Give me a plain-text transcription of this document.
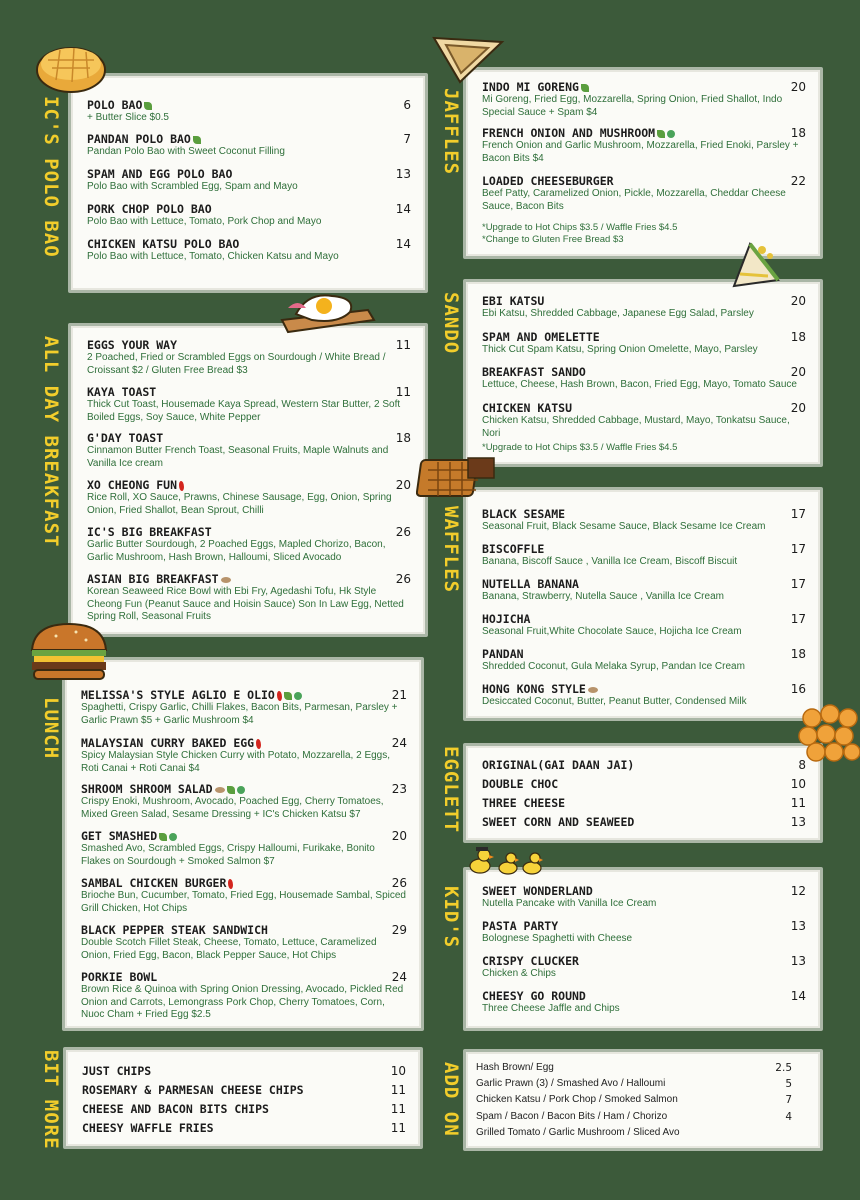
IC'S POLO BAO
ALL DAY BREAKFAST
LUNCH
BIT MORE
JAFFLES
SANDO
WAFFLES
EGGLETT
KID'S
ADD ON
POLO BAO	6
+ Butter Slice $0.5
PANDAN POLO BAO	7
Pandan Polo Bao with Sweet Coconut Filling
SPAM AND EGG POLO BAO	13
Polo Bao with Scrambled Egg, Spam and Mayo
PORK CHOP POLO BAO	14
Polo Bao with Lettuce, Tomato, Pork Chop and Mayo
CHICKEN KATSU POLO BAO	14
Polo Bao with Lettuce, Tomato, Chicken Katsu and Mayo
EGGS YOUR WAY	11
2 Poached, Fried or Scrambled Eggs on Sourdough / White Bread / Croissant $2 / Gluten Free Bread $3
KAYA TOAST	11
Thick Cut Toast, Housemade Kaya Spread, Western Star Butter, 2 Soft Boiled Eggs, Soy Sauce, White Pepper
G'DAY TOAST	18
Cinnamon Butter French Toast, Seasonal Fruits, Maple Walnuts and Vanilla Ice cream
XO CHEONG FUN	20
Rice Roll, XO Sauce, Prawns, Chinese Sausage, Egg, Onion, Spring Onion, Fried Shallot, Bean Sprout, Chilli
IC'S BIG BREAKFAST	26
Garlic Butter Sourdough, 2 Poached Eggs, Mapled Chorizo, Bacon, Garlic Mushroom, Hash Brown, Halloumi, Sliced Avocado
ASIAN BIG BREAKFAST	26
Korean Seaweed Rice Bowl with Ebi Fry, Agedashi Tofu, Hk Style Cheong Fun (Peanut Sauce and Hoisin Sauce) Son In Law Egg, Netted Spring Roll, Seasonal Fruits
MELISSA'S STYLE AGLIO E OLIO	21
Spaghetti, Crispy Garlic, Chilli Flakes, Bacon Bits, Parmesan, Parsley + Garlic Prawn $5 + Garlic Mushroom $4
MALAYSIAN CURRY BAKED EGG	24
Spicy Malaysian Style Chicken Curry with Potato, Mozzarella, 2 Eggs, Roti Canai + Roti Canai $4
SHROOM SHROOM SALAD	23
Crispy Enoki, Mushroom, Avocado, Poached Egg, Cherry Tomatoes, Mixed Green Salad, Sesame Dressing + IC's Chicken Katsu $7
GET SMASHED	20
Smashed Avo, Scrambled Eggs, Crispy Halloumi, Furikake, Bonito Flakes on Sourdough + Smoked Salmon $7
SAMBAL CHICKEN BURGER	26
Brioche Bun, Cucumber, Tomato, Fried Egg, Housemade Sambal, Spiced Grill Chicken, Hot Chips
BLACK PEPPER STEAK SANDWICH	29
Double Scotch Fillet Steak, Cheese, Tomato, Lettuce, Caramelized Onion, Fried Egg, Bacon, Black Pepper Sauce, Hot Chips
PORKIE BOWL	24
Brown Rice & Quinoa with Spring Onion Dressing, Avocado, Pickled Red Onion and Carrots, Lemongrass Pork Chop, Cherry Tomatoes, Corn, Nuoc Cham + Fried Egg $2.5
JUST CHIPS	10
ROSEMARY & PARMESAN CHEESE CHIPS	11
CHEESE AND BACON BITS CHIPS	11
CHEESY WAFFLE FRIES	11
INDO MI GORENG	20
Mi Goreng, Fried Egg, Mozzarella, Spring Onion, Fried Shallot, Indo Special Sauce + Spam $4
FRENCH ONION AND MUSHROOM	18
French Onion and Garlic Mushroom, Mozzarella, Fried Enoki, Parsley + Bacon Bits $4
LOADED CHEESEBURGER	22
Beef Patty, Caramelized Onion, Pickle, Mozzarella, Cheddar Cheese Sauce, Bacon Bits
*Upgrade to Hot Chips $3.5 / Waffle Fries $4.5
*Change to Gluten Free Bread $3
EBI KATSU	20
Ebi Katsu, Shredded Cabbage, Japanese Egg Salad, Parsley
SPAM AND OMELETTE	18
Thick Cut Spam Katsu, Spring Onion Omelette, Mayo, Parsley
BREAKFAST SANDO	20
Lettuce, Cheese, Hash Brown, Bacon, Fried Egg, Mayo, Tomato Sauce
CHICKEN KATSU	20
Chicken Katsu, Shredded Cabbage, Mustard, Mayo, Tonkatsu Sauce, Nori
*Upgrade to Hot Chips $3.5 / Waffle Fries $4.5
BLACK SESAME	17
Seasonal Fruit, Black Sesame Sauce, Black Sesame Ice Cream
BISCOFFLE	17
Banana, Biscoff Sauce , Vanilla Ice Cream, Biscoff Biscuit
NUTELLA BANANA	17
Banana, Strawberry, Nutella Sauce , Vanilla Ice Cream
HOJICHA	17
Seasonal Fruit,White Chocolate Sauce, Hojicha Ice Cream
PANDAN	18
Shredded Coconut, Gula Melaka Syrup, Pandan Ice Cream
HONG KONG STYLE	16
Desiccated Coconut, Butter, Peanut Butter, Condensed Milk
ORIGINAL(GAI DAAN JAI)	8
DOUBLE CHOC	10
THREE CHEESE	11
SWEET CORN AND SEAWEED	13
SWEET WONDERLAND	12
Nutella Pancake with Vanilla Ice Cream
PASTA PARTY	13
Bolognese Spaghetti with Cheese
CRISPY CLUCKER	13
Chicken & Chips
CHEESY GO ROUND	14
Three Cheese Jaffle and Chips
Hash Brown/ Egg	2.5
Garlic Prawn (3) / Smashed Avo / Halloumi	5
Chicken Katsu / Pork Chop / Smoked Salmon	7
Spam / Bacon / Bacon Bits / Ham / Chorizo	4
Grilled Tomato / Garlic Mushroom / Sliced Avo
